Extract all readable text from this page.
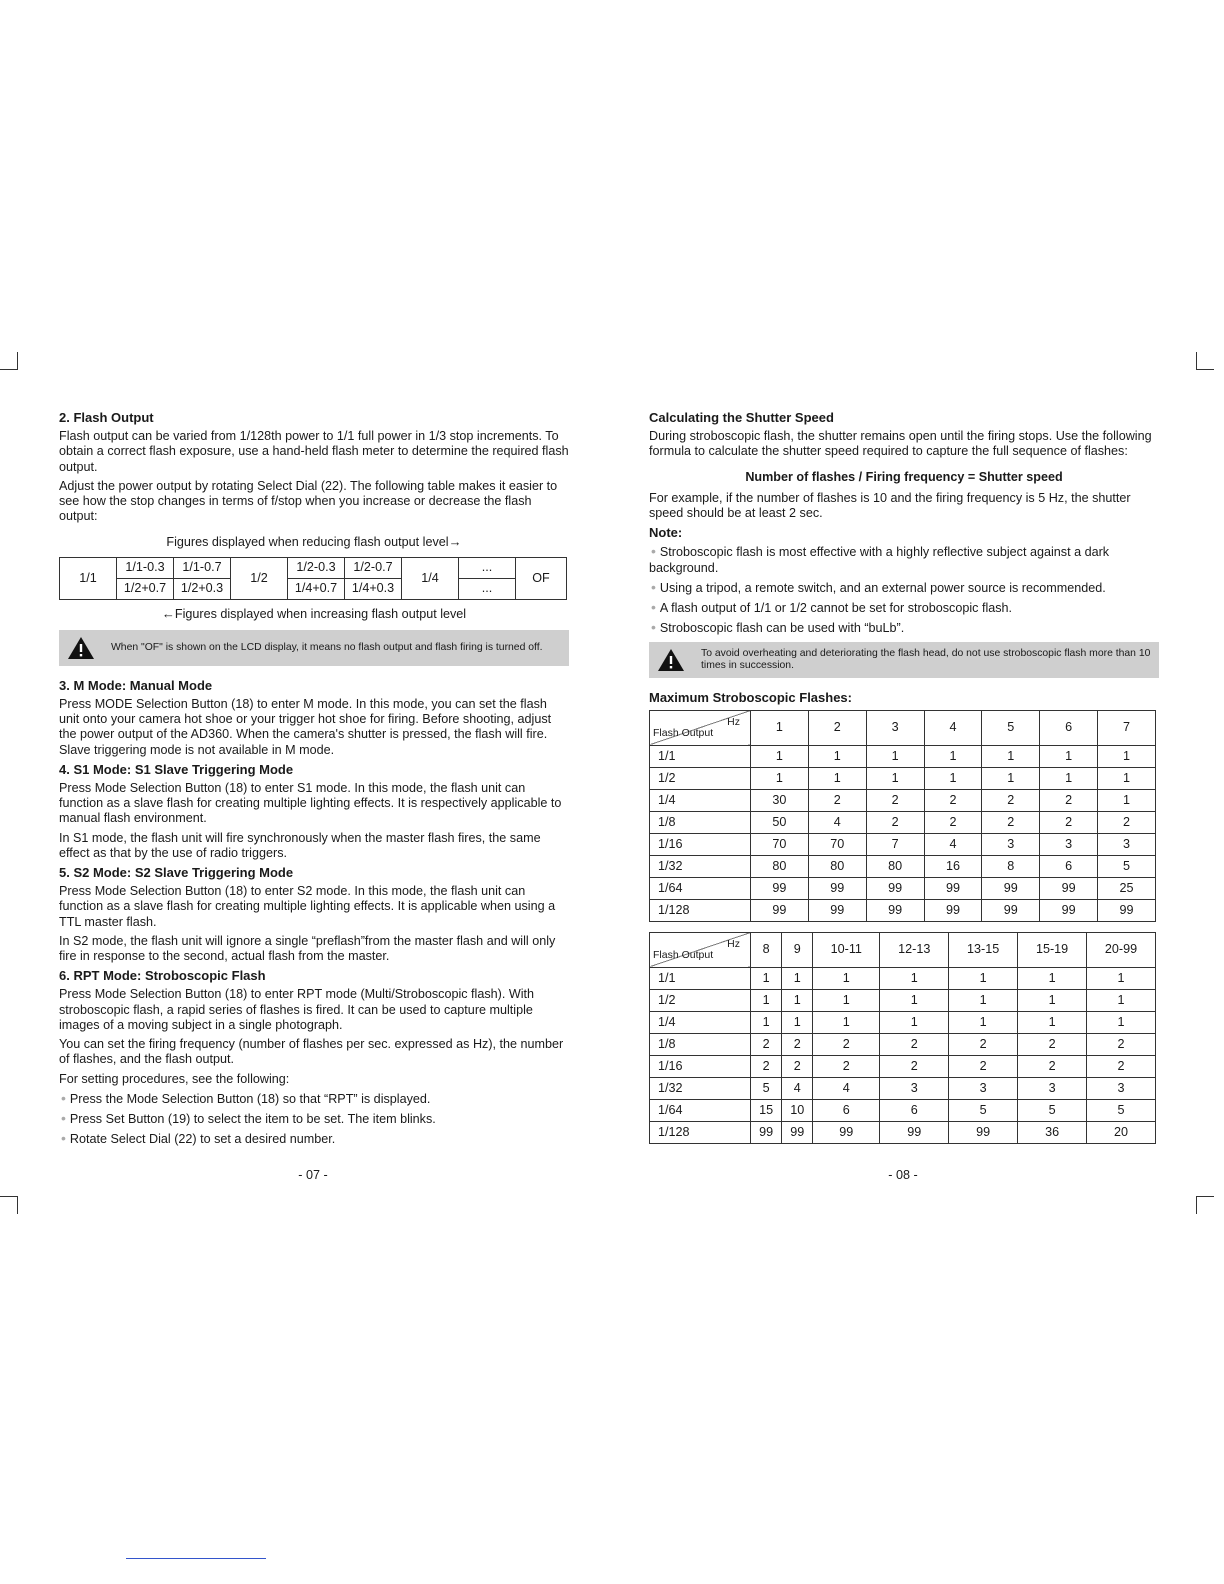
2. Flash Output

Flash output can be varied from 1/128th power to 1/1 full power in 1/3 stop increments. To obtain a correct flash exposure, use a hand-held flash meter to determine the required flash output.

Adjust the power output by rotating Select Dial (22). The following table makes it easier to see how the stop changes in terms of f/stop when you increase or decrease the flash output:

Figures displayed when reducing flash output level→
1/1	1/1-0.3	1/1-0.7	1/2	1/2-0.3	1/2-0.7	1/4	...	OF
	1/2+0.7	1/2+0.3		1/4+0.7	1/4+0.3		...	
←Figures displayed when increasing flash output level
When "OF" is shown on the LCD display, it means no flash output and flash firing is turned off.
3. M Mode: Manual Mode

Press MODE Selection Button (18) to enter M mode. In this mode, you can set the flash unit onto your camera hot shoe or your trigger hot shoe for firing. Before shooting, adjust the power output of the AD360. When the camera's shutter is pressed, the flash will fire. Slave triggering mode is not available in M mode.

4. S1 Mode: S1 Slave Triggering Mode

Press Mode Selection Button (18) to enter S1 mode. In this mode, the flash unit can function as a slave flash for creating multiple lighting effects. It is respectively applicable to manual flash environment.

In S1 mode, the flash unit will fire synchronously when the master flash fires, the same effect as that by the use of radio triggers.

5. S2 Mode: S2 Slave Triggering Mode

Press Mode Selection Button (18) to enter S2 mode. In this mode, the flash unit can function as a slave flash for creating multiple lighting effects. It is applicable when using a TTL master flash.

In S2 mode, the flash unit will ignore a single “preflash”from the master flash and will only fire in response to the second, actual flash from the master.

6. RPT Mode: Stroboscopic Flash

Press Mode Selection Button (18) to enter RPT mode (Multi/Stroboscopic flash). With stroboscopic flash, a rapid series of flashes is fired. It can be used to capture multiple images of a moving subject in a single photograph.

You can set the firing frequency (number of flashes per sec. expressed as Hz), the number of flashes, and the flash output.

For setting procedures, see the following:

• Press the Mode Selection Button (18) so that “RPT” is displayed.
• Press Set Button (19) to select the item to be set. The item blinks.
• Rotate Select Dial (22) to set a desired number.
Calculating the Shutter Speed

During stroboscopic flash, the shutter remains open until the firing stops. Use the following formula to calculate the shutter speed required to capture the full sequence of flashes:

Number of flashes / Firing frequency = Shutter speed

For example, if the number of flashes is 10 and the firing frequency is 5 Hz, the shutter speed should be at least 2 sec.

Note:
• Stroboscopic flash is most effective with a highly reflective subject against a dark background.
• Using a tripod, a remote switch, and an external power source is recommended.
• A flash output of 1/1 or 1/2 cannot be set for stroboscopic flash.
• Stroboscopic flash can be used with “buLb”.
To avoid overheating and deteriorating the flash head, do not use stroboscopic flash more than 10 times in succession.
Maximum Stroboscopic Flashes:
Hz
Flash Output	1	2	3	4	5	6	7
1/1	1	1	1	1	1	1	1
1/2	1	1	1	1	1	1	1
1/4	30	2	2	2	2	2	1
1/8	50	4	2	2	2	2	2
1/16	70	70	7	4	3	3	3
1/32	80	80	80	16	8	6	5
1/64	99	99	99	99	99	99	25
1/128	99	99	99	99	99	99	99
Hz
Flash Output	8	9	10-11	12-13	13-15	15-19	20-99
1/1	1	1	1	1	1	1	1
1/2	1	1	1	1	1	1	1
1/4	1	1	1	1	1	1	1
1/8	2	2	2	2	2	2	2
1/16	2	2	2	2	2	2	2
1/32	5	4	4	3	3	3	3
1/64	15	10	6	6	5	5	5
1/128	99	99	99	99	99	36	20
- 07 -	- 08 -
